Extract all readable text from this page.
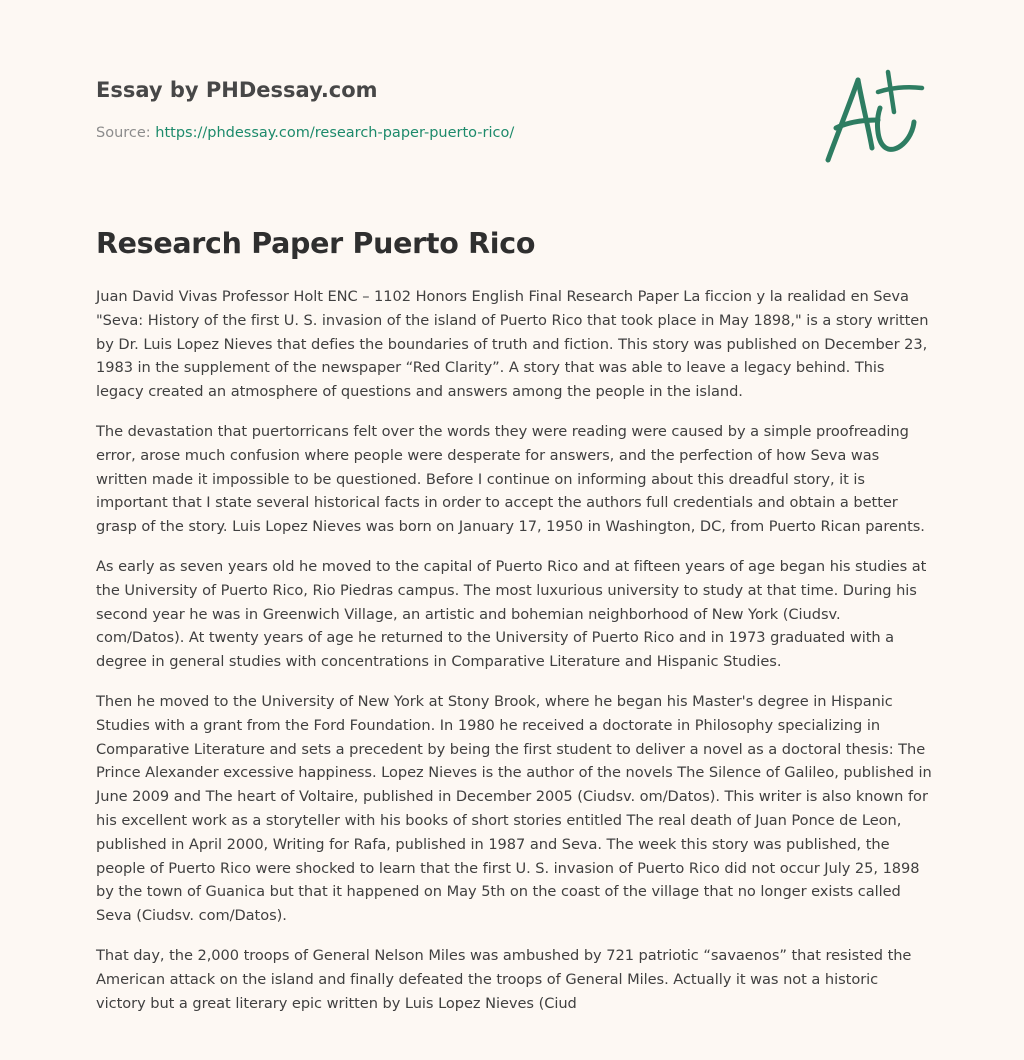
Essay by PHDessay.com
Source: https://phdessay.com/research-paper-puerto-rico/
Research Paper Puerto Rico

Juan David Vivas Professor Holt ENC – 1102 Honors English Final Research Paper La ficcion y la realidad en Seva "Seva: History of the first U. S. invasion of the island of Puerto Rico that took place in May 1898," is a story written by Dr. Luis Lopez Nieves that defies the boundaries of truth and fiction. This story was published on December 23, 1983 in the supplement of the newspaper “Red Clarity”. A story that was able to leave a legacy behind. This legacy created an atmosphere of questions and answers among the people in the island.

The devastation that puertorricans felt over the words they were reading were caused by a simple proofreading error, arose much confusion where people were desperate for answers, and the perfection of how Seva was written made it impossible to be questioned. Before I continue on informing about this dreadful story, it is important that I state several historical facts in order to accept the authors full credentials and obtain a better grasp of the story. Luis Lopez Nieves was born on January 17, 1950 in Washington, DC, from Puerto Rican parents.

As early as seven years old he moved to the capital of Puerto Rico and at fifteen years of age began his studies at the University of Puerto Rico, Rio Piedras campus. The most luxurious university to study at that time. During his second year he was in Greenwich Village, an artistic and bohemian neighborhood of New York (Ciudsv. com/Datos). At twenty years of age he returned to the University of Puerto Rico and in 1973 graduated with a degree in general studies with concentrations in Comparative Literature and Hispanic Studies.

Then he moved to the University of New York at Stony Brook, where he began his Master's degree in Hispanic Studies with a grant from the Ford Foundation. In 1980 he received a doctorate in Philosophy specializing in Comparative Literature and sets a precedent by being the first student to deliver a novel as a doctoral thesis: The Prince Alexander excessive happiness. Lopez Nieves is the author of the novels The Silence of Galileo, published in June 2009 and The heart of Voltaire, published in December 2005 (Ciudsv. om/Datos). This writer is also known for his excellent work as a storyteller with his books of short stories entitled The real death of Juan Ponce de Leon, published in April 2000, Writing for Rafa, published in 1987 and Seva. The week this story was published, the people of Puerto Rico were shocked to learn that the first U. S. invasion of Puerto Rico did not occur July 25, 1898 by the town of Guanica but that it happened on May 5th on the coast of the village that no longer exists called Seva (Ciudsv. com/Datos).

That day, the 2,000 troops of General Nelson Miles was ambushed by 721 patriotic “savaenos” that resisted the American attack on the island and finally defeated the troops of General Miles. Actually it was not a historic victory but a great literary epic written by Luis Lopez Nieves (Ciud
